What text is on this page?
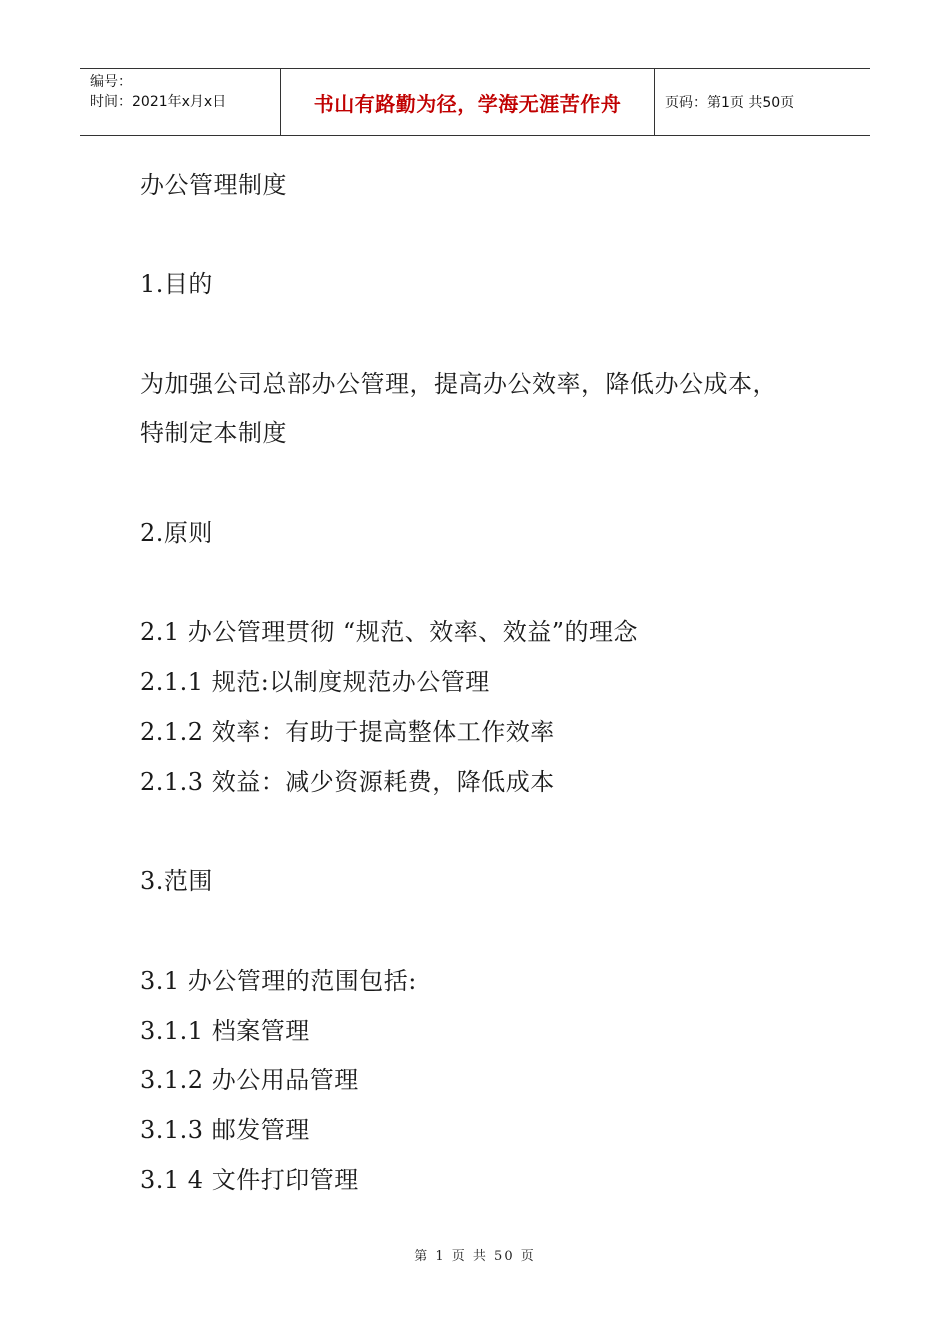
编号：
时间：2021年x月x日	书山有路勤为径，学海无涯苦作舟	页码：第1页 共50页
办公管理制度
1.目的
为加强公司总部办公管理，提高办公效率，降低办公成本，
特制定本制度
2.原则
2.1 办公管理贯彻 “规范、效率、效益”的理念
2.1.1 规范:以制度规范办公管理
2.1.2 效率：有助于提高整体工作效率
2.1.3 效益：减少资源耗费，降低成本
3.范围
3.1 办公管理的范围包括:
3.1.1 档案管理
3.1.2 办公用品管理
3.1.3 邮发管理
3.1 4 文件打印管理
第 1 页 共 50 页
